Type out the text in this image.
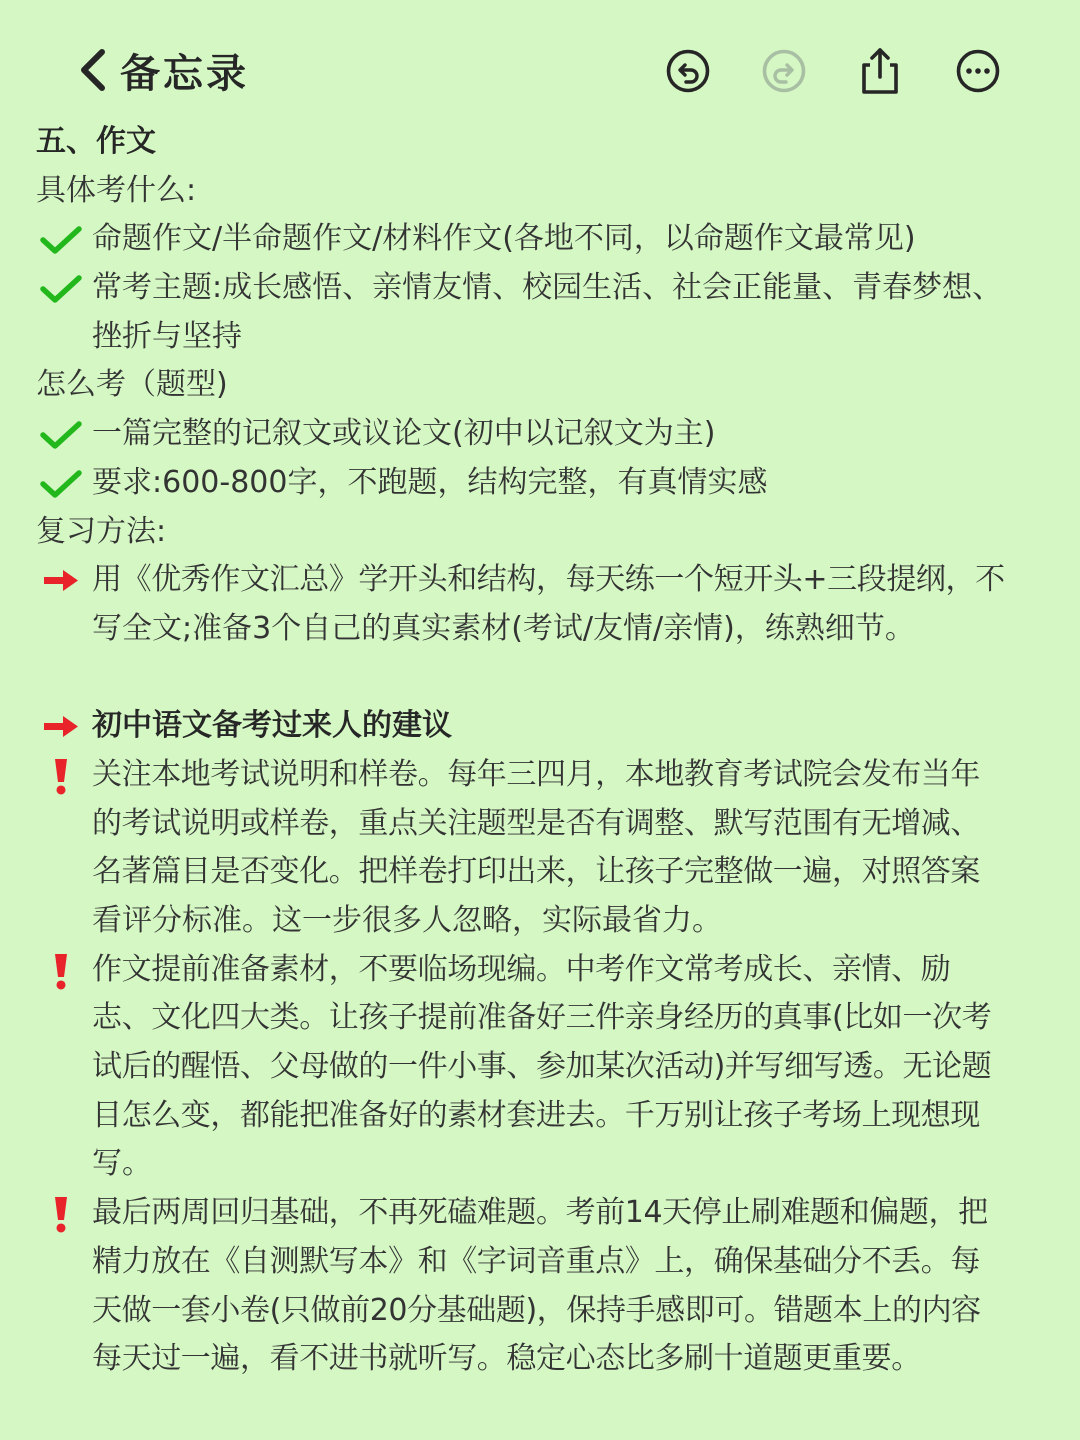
备忘录
五、作文
具体考什么:
命题作文/半命题作文/材料作文(各地不同，以命题作文最常见)
常考主题:成长感悟、亲情友情、校园生活、社会正能量、青春梦想、
挫折与坚持
怎么考（题型)
一篇完整的记叙文或议论文(初中以记叙文为主)
要求:600-800字，不跑题，结构完整，有真情实感
复习方法:
用《优秀作文汇总》学开头和结构，每天练一个短开头+三段提纲，不
写全文;准备3个自己的真实素材(考试/友情/亲情)，练熟细节。
初中语文备考过来人的建议
关注本地考试说明和样卷。每年三四月，本地教育考试院会发布当年
的考试说明或样卷，重点关注题型是否有调整、默写范围有无增减、
名著篇目是否变化。把样卷打印出来，让孩子完整做一遍，对照答案
看评分标准。这一步很多人忽略，实际最省力。
作文提前准备素材，不要临场现编。中考作文常考成长、亲情、励
志、文化四大类。让孩子提前准备好三件亲身经历的真事(比如一次考
试后的醒悟、父母做的一件小事、参加某次活动)并写细写透。无论题
目怎么变，都能把准备好的素材套进去。千万别让孩子考场上现想现
写。
最后两周回归基础，不再死磕难题。考前14天停止刷难题和偏题，把
精力放在《自测默写本》和《字词音重点》上，确保基础分不丢。每
天做一套小卷(只做前20分基础题)，保持手感即可。错题本上的内容
每天过一遍，看不进书就听写。稳定心态比多刷十道题更重要。
